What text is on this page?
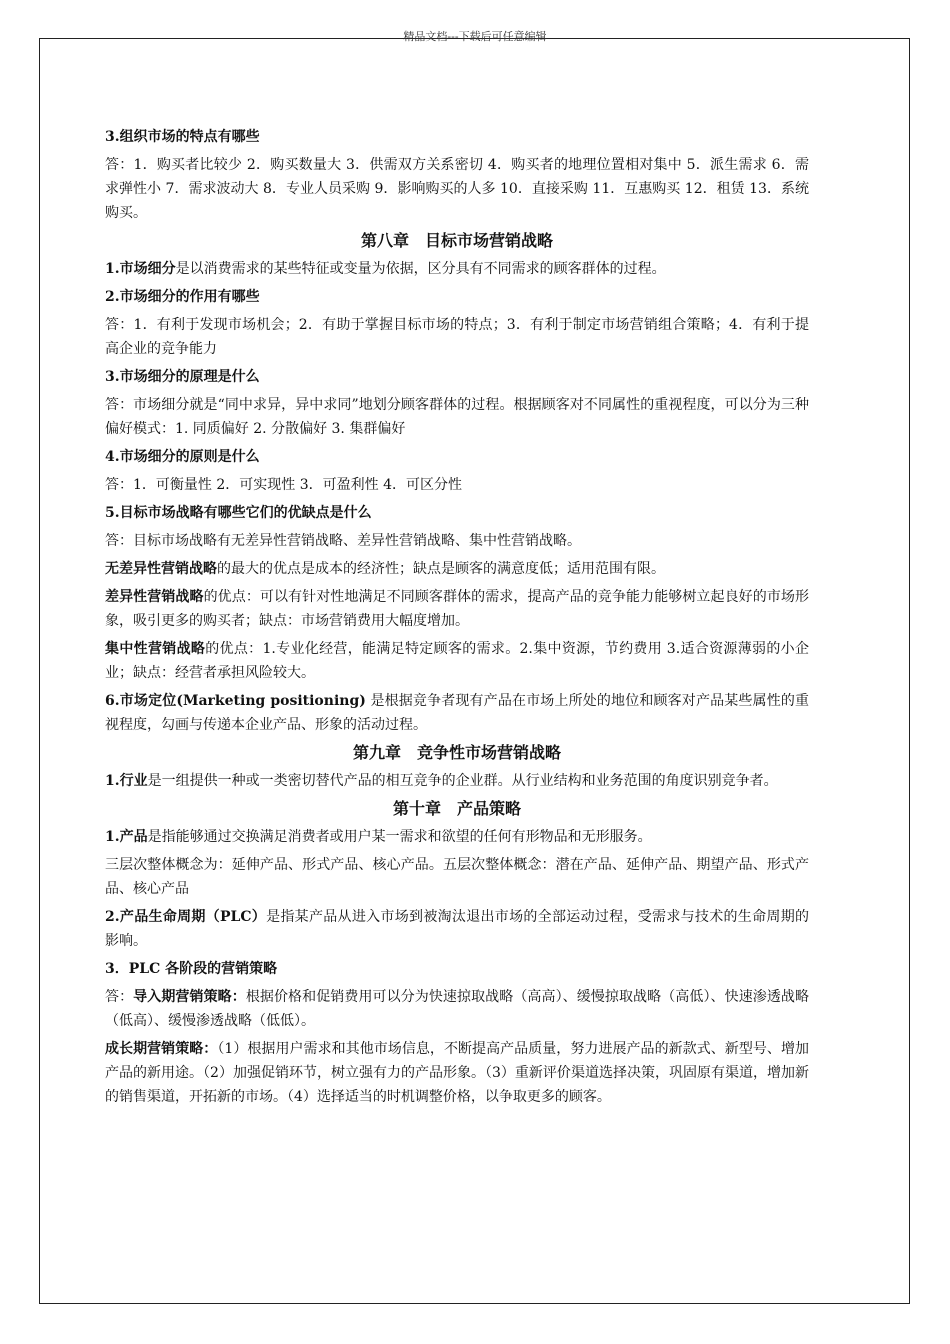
精品文档---下载后可任意编辑
3.组织市场的特点有哪些
答：1．购买者比较少 2．购买数量大 3．供需双方关系密切 4．购买者的地理位置相对集中 5．派生需求 6．需求弹性小 7．需求波动大 8．专业人员采购 9．影响购买的人多 10．直接采购 11．互惠购买 12．租赁 13．系统购买。
第八章　目标市场营销战略
1.市场细分是以消费需求的某些特征或变量为依据，区分具有不同需求的顾客群体的过程。
2.市场细分的作用有哪些
答：1．有利于发现市场机会；2．有助于掌握目标市场的特点；3．有利于制定市场营销组合策略；4．有利于提高企业的竞争能力
3.市场细分的原理是什么
答：市场细分就是“同中求异，异中求同”地划分顾客群体的过程。根据顾客对不同属性的重视程度，可以分为三种偏好模式：1. 同质偏好 2. 分散偏好 3. 集群偏好
4.市场细分的原则是什么
答：1．可衡量性 2．可实现性 3．可盈利性 4．可区分性
5.目标市场战略有哪些它们的优缺点是什么
答：目标市场战略有无差异性营销战略、差异性营销战略、集中性营销战略。
无差异性营销战略的最大的优点是成本的经济性；缺点是顾客的满意度低；适用范围有限。
差异性营销战略的优点：可以有针对性地满足不同顾客群体的需求，提高产品的竞争能力能够树立起良好的市场形象，吸引更多的购买者；缺点：市场营销费用大幅度增加。
集中性营销战略的优点：1.专业化经营，能满足特定顾客的需求。2.集中资源，节约费用 3.适合资源薄弱的小企业；缺点：经营者承担风险较大。
6.市场定位(Marketing positioning) 是根据竞争者现有产品在市场上所处的地位和顾客对产品某些属性的重视程度，勾画与传递本企业产品、形象的活动过程。
第九章　竞争性市场营销战略
1.行业是一组提供一种或一类密切替代产品的相互竞争的企业群。从行业结构和业务范围的角度识别竞争者。
第十章　产品策略
1.产品是指能够通过交换满足消费者或用户某一需求和欲望的任何有形物品和无形服务。
三层次整体概念为：延伸产品、形式产品、核心产品。五层次整体概念：潜在产品、延伸产品、期望产品、形式产品、核心产品
2.产品生命周期（PLC）是指某产品从进入市场到被淘汰退出市场的全部运动过程，受需求与技术的生命周期的影响。
3．PLC 各阶段的营销策略
答：导入期营销策略：根据价格和促销费用可以分为快速掠取战略（高高）、缓慢掠取战略（高低）、快速渗透战略（低高）、缓慢渗透战略（低低）。
成长期营销策略：（1）根据用户需求和其他市场信息，不断提高产品质量，努力进展产品的新款式、新型号、增加产品的新用途。（2）加强促销环节，树立强有力的产品形象。（3）重新评价渠道选择决策，巩固原有渠道，增加新的销售渠道，开拓新的市场。（4）选择适当的时机调整价格，以争取更多的顾客。
